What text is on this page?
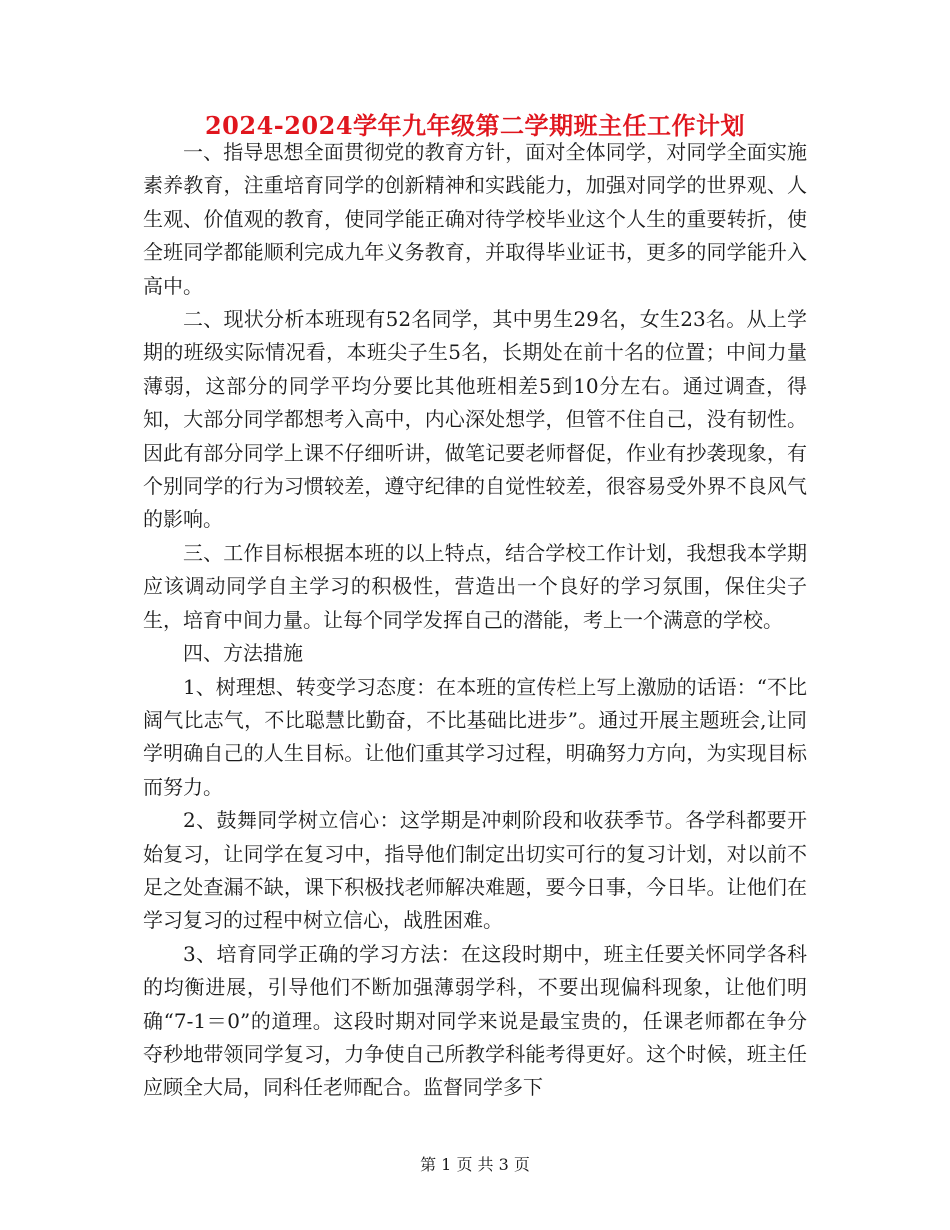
2024-2024学年九年级第二学期班主任工作计划

一、指导思想全面贯彻党的教育方针，面对全体同学，对同学全面实施素养教育，注重培育同学的创新精神和实践能力，加强对同学的世界观、人生观、价值观的教育，使同学能正确对待学校毕业这个人生的重要转折，使全班同学都能顺利完成九年义务教育，并取得毕业证书，更多的同学能升入高中。

二、现状分析本班现有52名同学，其中男生29名，女生23名。从上学期的班级实际情况看，本班尖子生5名，长期处在前十名的位置；中间力量薄弱，这部分的同学平均分要比其他班相差5到10分左右。通过调查，得知，大部分同学都想考入高中，内心深处想学，但管不住自己，没有韧性。因此有部分同学上课不仔细听讲，做笔记要老师督促，作业有抄袭现象，有个别同学的行为习惯较差，遵守纪律的自觉性较差，很容易受外界不良风气的影响。

三、工作目标根据本班的以上特点，结合学校工作计划，我想我本学期应该调动同学自主学习的积极性，营造出一个良好的学习氛围，保住尖子生，培育中间力量。让每个同学发挥自己的潜能，考上一个满意的学校。

四、方法措施

1、树理想、转变学习态度：在本班的宣传栏上写上激励的话语：“不比阔气比志气，不比聪慧比勤奋，不比基础比进步”。通过开展主题班会,让同学明确自己的人生目标。让他们重其学习过程，明确努力方向，为实现目标而努力。

2、鼓舞同学树立信心：这学期是冲刺阶段和收获季节。各学科都要开始复习，让同学在复习中，指导他们制定出切实可行的复习计划，对以前不足之处查漏不缺，课下积极找老师解决难题，要今日事，今日毕。让他们在学习复习的过程中树立信心，战胜困难。

3、培育同学正确的学习方法：在这段时期中，班主任要关怀同学各科的均衡进展，引导他们不断加强薄弱学科，不要出现偏科现象，让他们明确“7-1＝0”的道理。这段时期对同学来说是最宝贵的，任课老师都在争分夺秒地带领同学复习，力争使自己所教学科能考得更好。这个时候，班主任应顾全大局，同科任老师配合。监督同学多下

第 1 页 共 3 页
